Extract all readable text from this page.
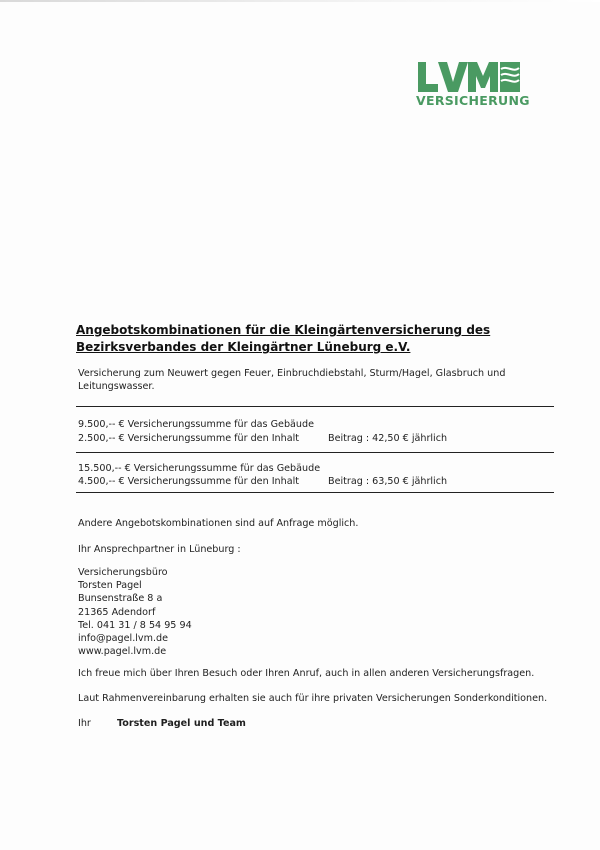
VERSICHERUNG
Angebotskombinationen für die Kleingärtenversicherung des Bezirksverbandes der Kleingärtner Lüneburg e.V.
Versicherung zum Neuwert gegen Feuer, Einbruchdiebstahl, Sturm/Hagel, Glasbruch und Leitungswasser.
9.500,-- € Versicherungssumme für das Gebäude
2.500,-- € Versicherungssumme für den Inhalt	Beitrag : 42,50 € jährlich
15.500,-- € Versicherungssumme für das Gebäude
4.500,-- € Versicherungssumme für den Inhalt	Beitrag : 63,50 € jährlich
Andere Angebotskombinationen sind auf Anfrage möglich.
Ihr Ansprechpartner in Lüneburg :
Versicherungsbüro
Torsten Pagel
Bunsenstraße 8 a
21365 Adendorf
Tel. 041 31 / 8 54 95 94
info@pagel.lvm.de
www.pagel.lvm.de
Ich freue mich über Ihren Besuch oder Ihren Anruf, auch in allen anderen Versicherungsfragen.
Laut Rahmenvereinbarung erhalten sie auch für ihre privaten Versicherungen Sonderkonditionen.
Ihr	Torsten Pagel und Team
